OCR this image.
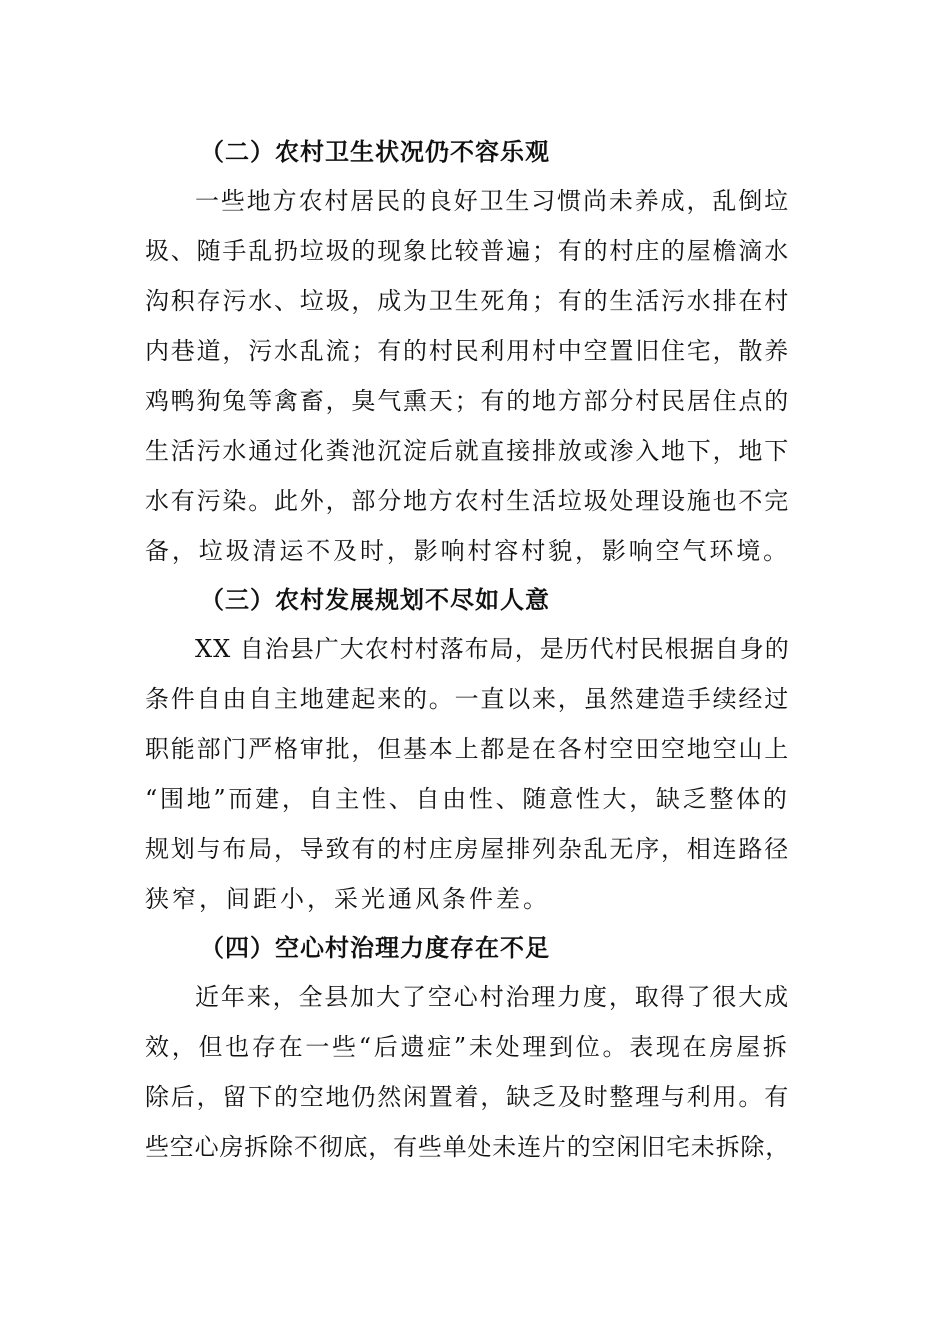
（二）农村卫生状况仍不容乐观
一些地方农村居民的良好卫生习惯尚未养成，乱倒垃
圾、随手乱扔垃圾的现象比较普遍；有的村庄的屋檐滴水
沟积存污水、垃圾，成为卫生死角；有的生活污水排在村
内巷道，污水乱流；有的村民利用村中空置旧住宅，散养
鸡鸭狗兔等禽畜，臭气熏天；有的地方部分村民居住点的
生活污水通过化粪池沉淀后就直接排放或渗入地下，地下
水有污染。此外，部分地方农村生活垃圾处理设施也不完
备，垃圾清运不及时，影响村容村貌，影响空气环境。
（三）农村发展规划不尽如人意
XX 自治县广大农村村落布局，是历代村民根据自身的
条件自由自主地建起来的。一直以来，虽然建造手续经过
职能部门严格审批，但基本上都是在各村空田空地空山上
“围地”而建，自主性、自由性、随意性大，缺乏整体的
规划与布局，导致有的村庄房屋排列杂乱无序，相连路径
狭窄，间距小，采光通风条件差。
（四）空心村治理力度存在不足
近年来，全县加大了空心村治理力度，取得了很大成
效，但也存在一些“后遗症”未处理到位。表现在房屋拆
除后，留下的空地仍然闲置着，缺乏及时整理与利用。有
些空心房拆除不彻底，有些单处未连片的空闲旧宅未拆除，
